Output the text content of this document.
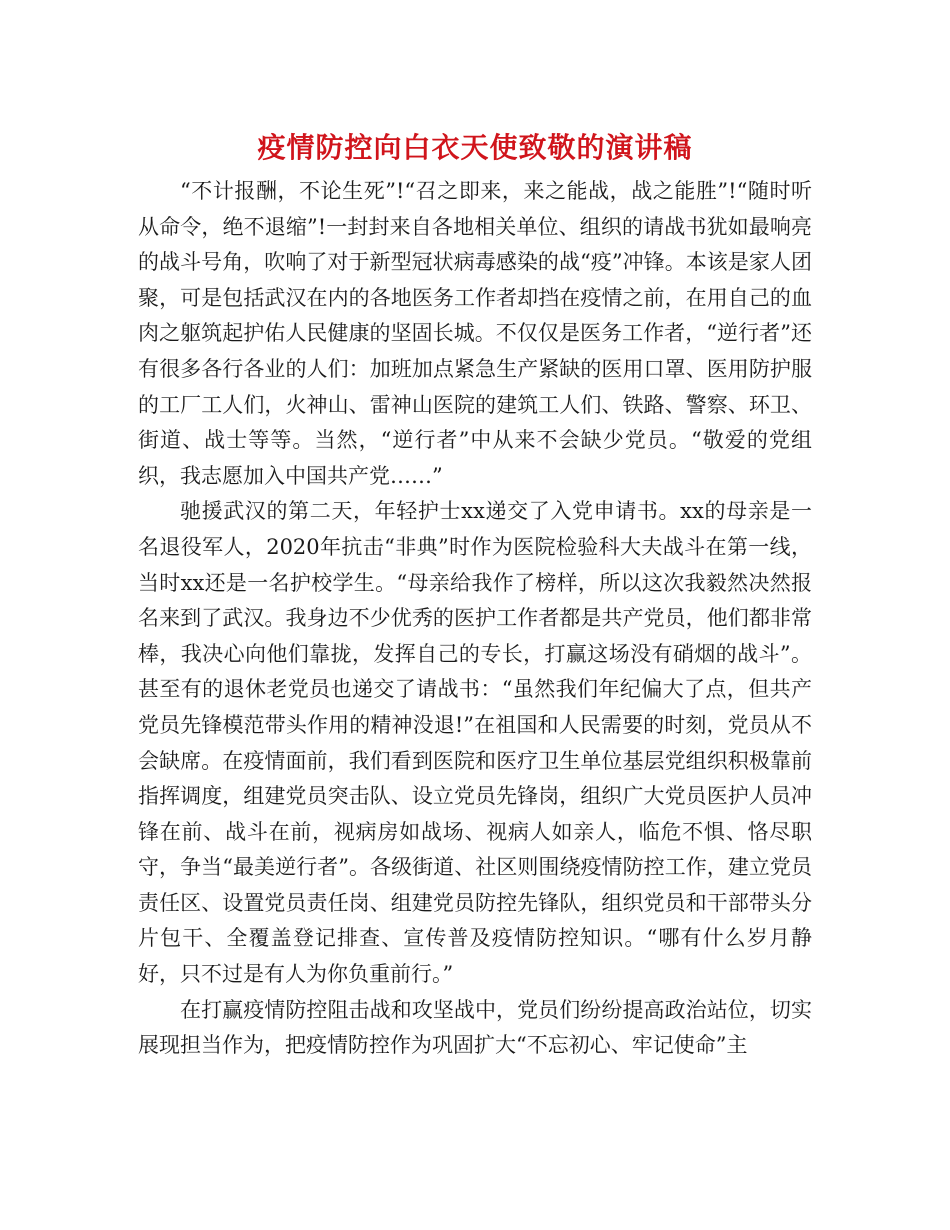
疫情防控向白衣天使致敬的演讲稿

“不计报酬，不论生死”!“召之即来，来之能战，战之能胜”!“随时听从命令，绝不退缩”!一封封来自各地相关单位、组织的请战书犹如最响亮的战斗号角，吹响了对于新型冠状病毒感染的战“疫”冲锋。本该是家人团聚，可是包括武汉在内的各地医务工作者却挡在疫情之前，在用自己的血肉之躯筑起护佑人民健康的坚固长城。不仅仅是医务工作者，“逆行者”还有很多各行各业的人们：加班加点紧急生产紧缺的医用口罩、医用防护服的工厂工人们，火神山、雷神山医院的建筑工人们、铁路、警察、环卫、街道、战士等等。当然，“逆行者”中从来不会缺少党员。“敬爱的党组织，我志愿加入中国共产党……”

驰援武汉的第二天，年轻护士xx递交了入党申请书。xx的母亲是一名退役军人，2020年抗击“非典”时作为医院检验科大夫战斗在第一线，当时xx还是一名护校学生。“母亲给我作了榜样，所以这次我毅然决然报名来到了武汉。我身边不少优秀的医护工作者都是共产党员，他们都非常棒，我决心向他们靠拢，发挥自己的专长，打赢这场没有硝烟的战斗”。甚至有的退休老党员也递交了请战书：“虽然我们年纪偏大了点，但共产党员先锋模范带头作用的精神没退!”在祖国和人民需要的时刻，党员从不会缺席。在疫情面前，我们看到医院和医疗卫生单位基层党组织积极靠前指挥调度，组建党员突击队、设立党员先锋岗，组织广大党员医护人员冲锋在前、战斗在前，视病房如战场、视病人如亲人，临危不惧、恪尽职守，争当“最美逆行者”。各级街道、社区则围绕疫情防控工作，建立党员责任区、设置党员责任岗、组建党员防控先锋队，组织党员和干部带头分片包干、全覆盖登记排查、宣传普及疫情防控知识。“哪有什么岁月静好，只不过是有人为你负重前行。”

在打赢疫情防控阻击战和攻坚战中，党员们纷纷提高政治站位，切实展现担当作为，把疫情防控作为巩固扩大“不忘初心、牢记使命”主
